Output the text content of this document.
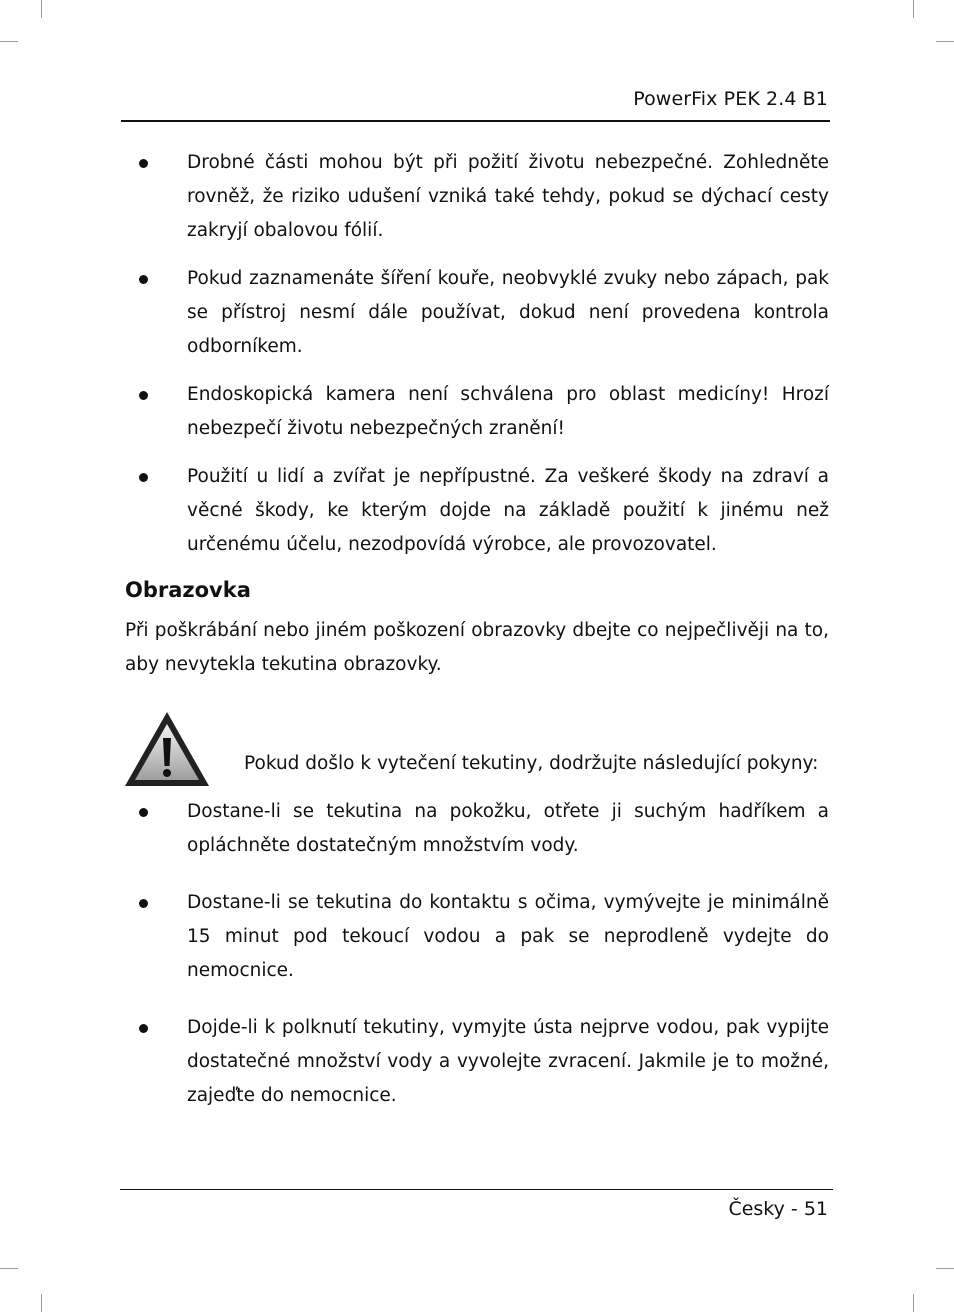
PowerFix PEK 2.4 B1
Drobné části mohou být při požití životu nebezpečné. Zohledněte rovněž, že riziko udušení vzniká také tehdy, pokud se dýchací cesty zakryjí obalovou fólií.
Pokud zaznamenáte šíření kouře, neobvyklé zvuky nebo zápach, pak se přístroj nesmí dále používat, dokud není provedena kontrola odborníkem.
Endoskopická kamera není schválena pro oblast medicíny! Hrozí nebezpečí životu nebezpečných zranění!
Použití u lidí a zvířat je nepřípustné. Za veškeré škody na zdraví a věcné škody, ke kterým dojde na základě použití k jinému než určenému účelu, nezodpovídá výrobce, ale provozovatel.
Obrazovka
Při poškrábání nebo jiném poškození obrazovky dbejte co nejpečlivěji na to, aby nevytekla tekutina obrazovky.
Pokud došlo k vytečení tekutiny, dodržujte následující pokyny:
Dostane-li se tekutina na pokožku, otřete ji suchým hadříkem a opláchněte dostatečným množstvím vody.
Dostane-li se tekutina do kontaktu s očima, vymývejte je minimálně 15 minut pod tekoucí vodou a pak se neprodleně vydejte do nemocnice.
Dojde-li k polknutí tekutiny, vymyjte ústa nejprve vodou, pak vypijte dostatečné množství vody a vyvolejte zvracení. Jakmile je to možné, zajeďte do nemocnice.
Česky - 51
